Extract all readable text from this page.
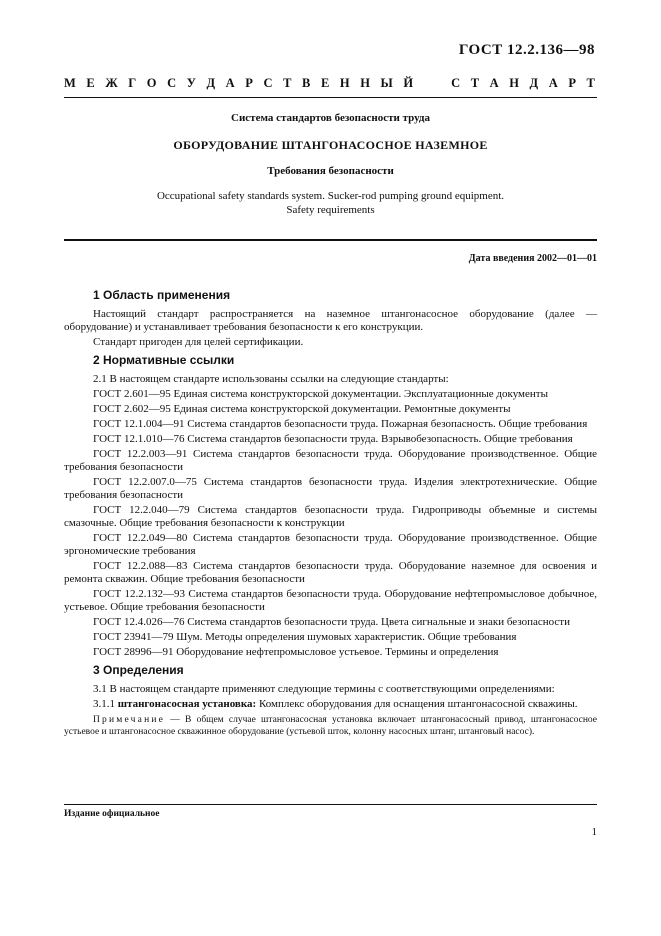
ГОСТ 12.2.136—98
М Е Ж Г О С У Д А Р С Т В Е Н Н Ы Й

	С Т А Н Д А Р Т
Система стандартов безопасности труда
ОБОРУДОВАНИЕ ШТАНГОНАСОСНОЕ НАЗЕМНОЕ
Требования безопасности
Occupational safety standards system. Sucker-rod pumping ground equipment.
Safety requirements
Дата введения 2002—01—01
1 Область применения

Настоящий стандарт распространяется на наземное штангонасосное оборудование (далее — оборудование) и устанавливает требования безопасности к его конструкции.

Стандарт пригоден для целей сертификации.

2 Нормативные ссылки

2.1 В настоящем стандарте использованы ссылки на следующие стандарты:

ГОСТ 2.601—95 Единая система конструкторской документации. Эксплуатационные документы

ГОСТ 2.602—95 Единая система конструкторской документации. Ремонтные документы

ГОСТ 12.1.004—91 Система стандартов безопасности труда. Пожарная безопасность. Общие требования

ГОСТ 12.1.010—76 Система стандартов безопасности труда. Взрывобезопасность. Общие требования

ГОСТ 12.2.003—91 Система стандартов безопасности труда. Оборудование производственное. Общие требования безопасности

ГОСТ 12.2.007.0—75 Система стандартов безопасности труда. Изделия электротехнические. Общие требования безопасности

ГОСТ 12.2.040—79 Система стандартов безопасности труда. Гидроприводы объемные и системы смазочные. Общие требования безопасности к конструкции

ГОСТ 12.2.049—80 Система стандартов безопасности труда. Оборудование производственное. Общие эргономические требования

ГОСТ 12.2.088—83 Система стандартов безопасности труда. Оборудование наземное для освоения и ремонта скважин. Общие требования безопасности

ГОСТ 12.2.132—93 Система стандартов безопасности труда. Оборудование нефтепромысловое добычное, устьевое. Общие требования безопасности

ГОСТ 12.4.026—76 Система стандартов безопасности труда. Цвета сигнальные и знаки безопасности

ГОСТ 23941—79 Шум. Методы определения шумовых характеристик. Общие требования

ГОСТ 28996—91 Оборудование нефтепромысловое устьевое. Термины и определения

3 Определения

3.1 В настоящем стандарте применяют следующие термины с соответствующими определениями:

3.1.1 штангонасосная установка: Комплекс оборудования для оснащения штангонасосной скважины.

Примечание — В общем случае штангонасосная установка включает штангонасосный привод, штангонасосное устьевое и штангонасосное скважинное оборудование (устьевой шток, колонну насосных штанг, штанговый насос).

Издание официальное
1
